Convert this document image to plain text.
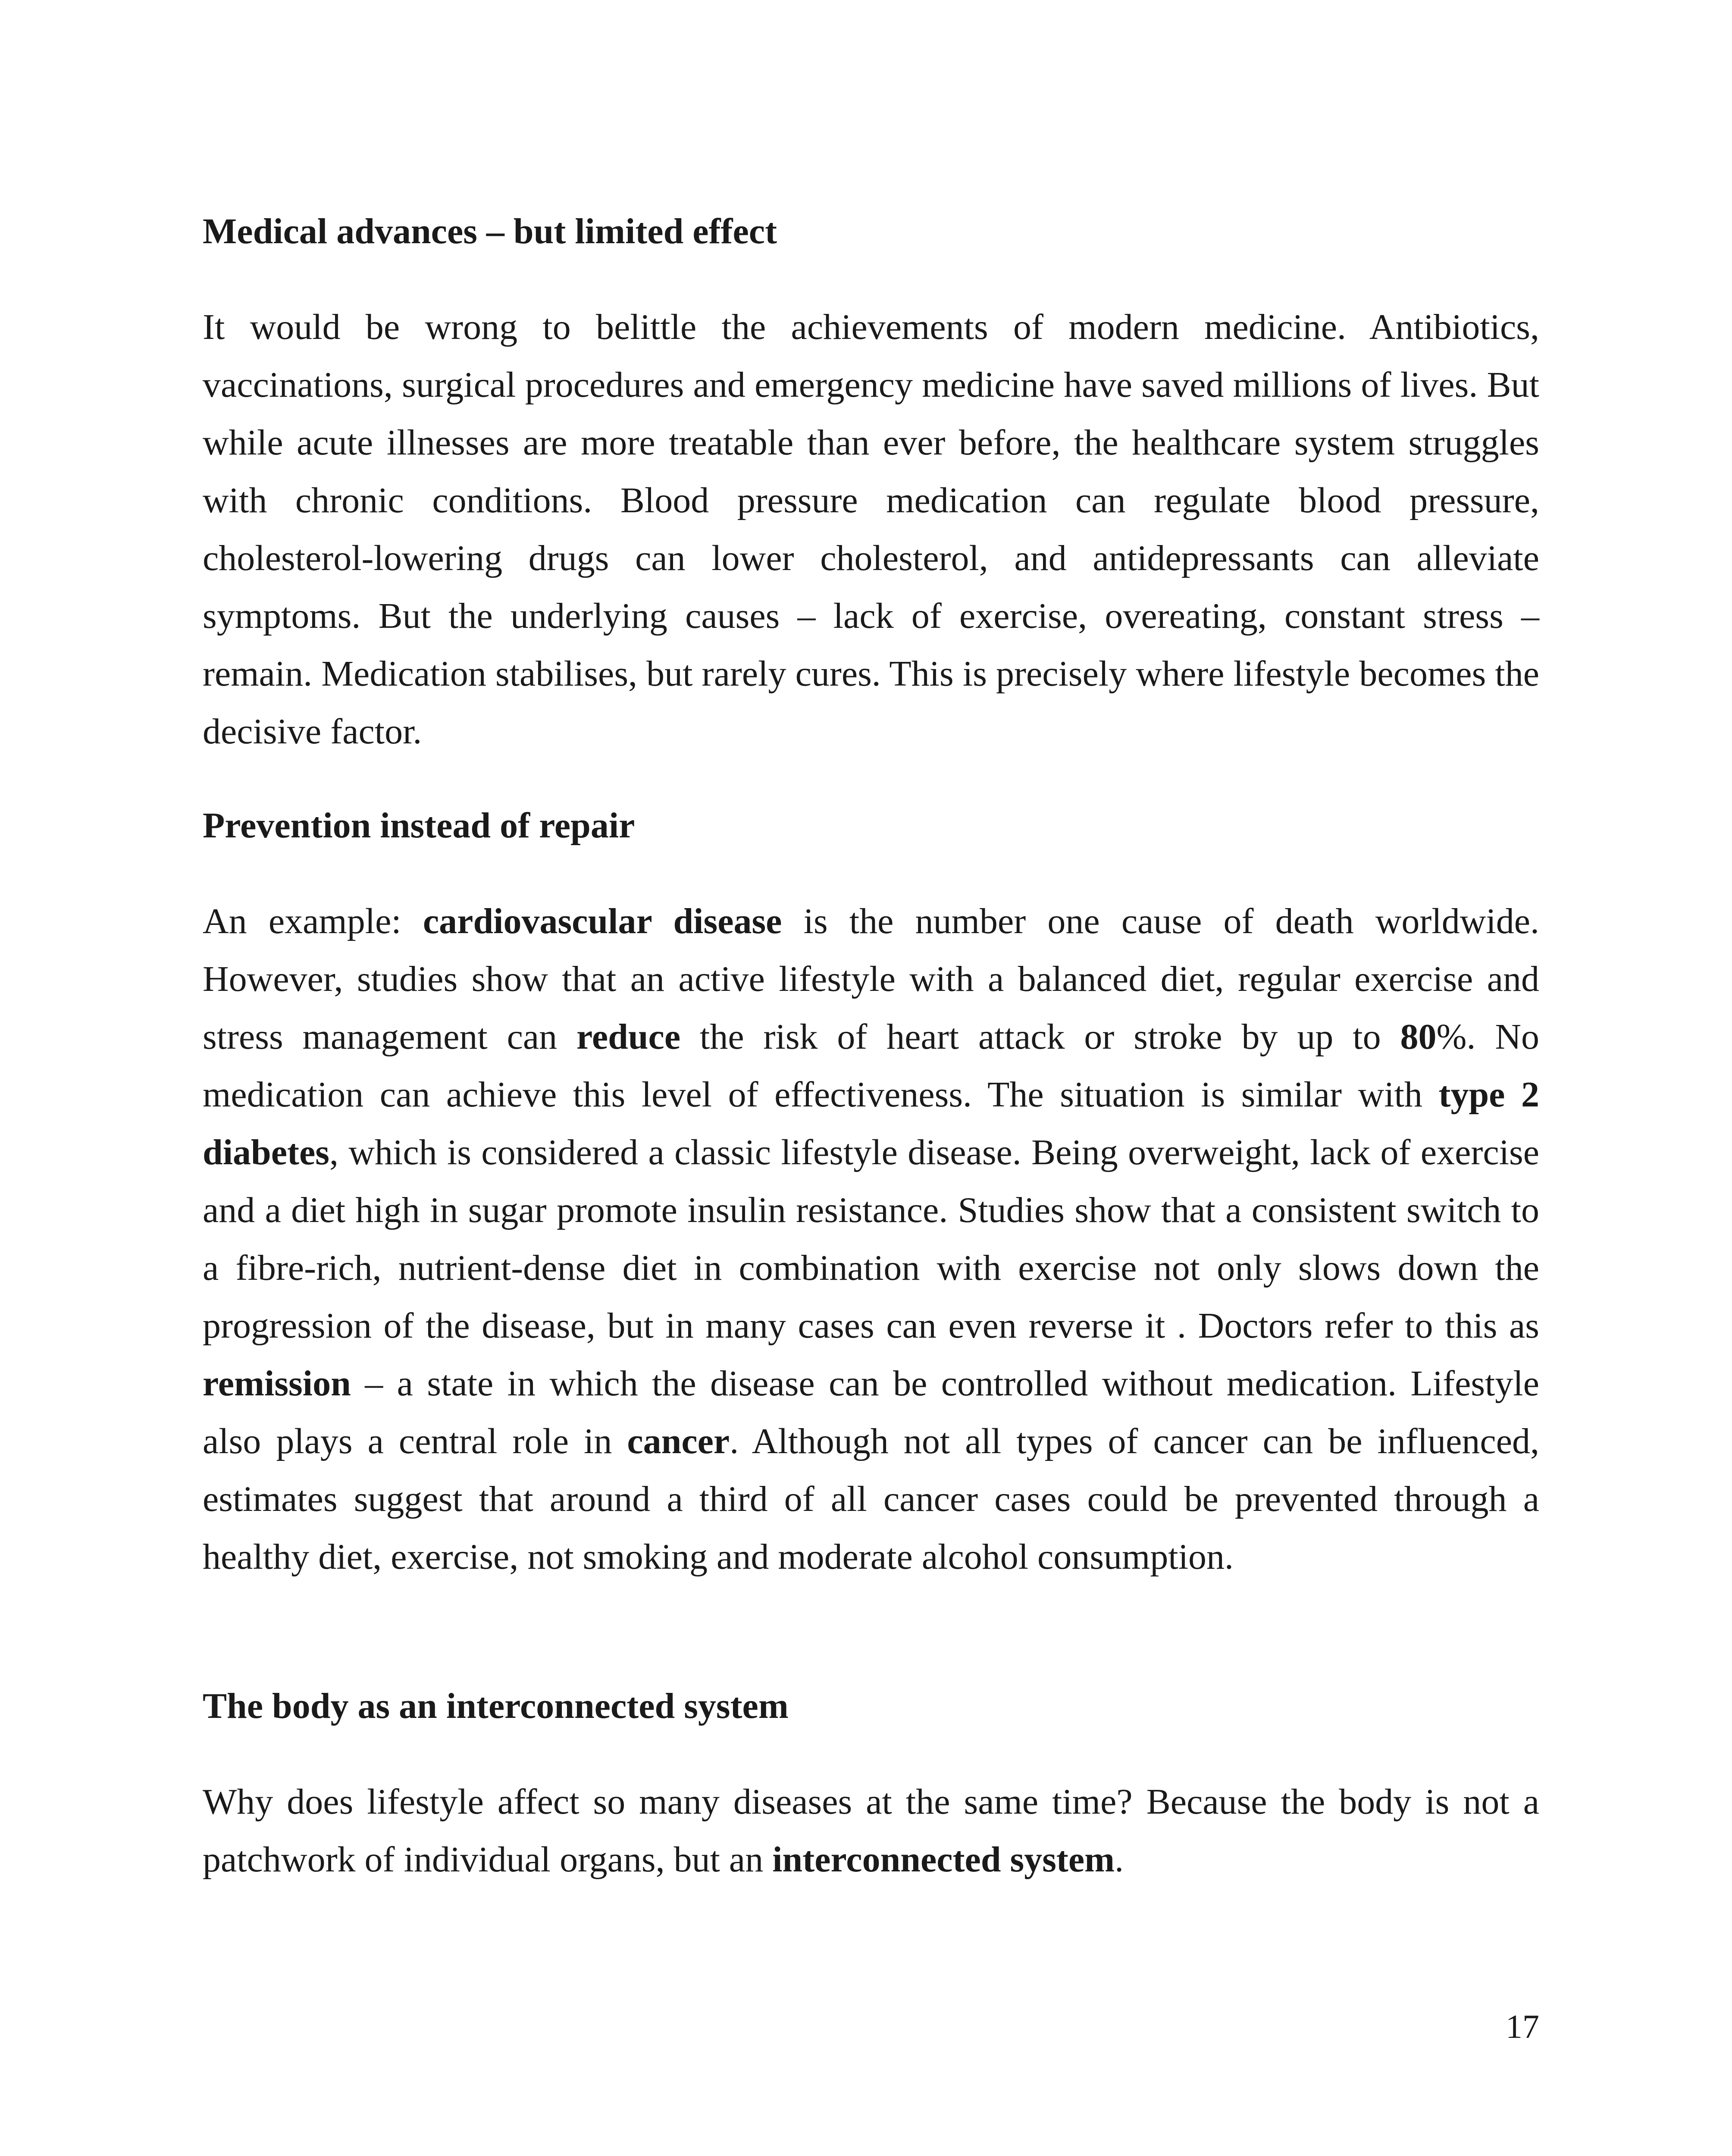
Medical advances – but limited effect

It would be wrong to belittle the achievements of modern medicine. Antibiotics, vaccinations, surgical procedures and emergency medicine have saved millions of lives. But while acute illnesses are more treatable than ever before, the healthcare system struggles with chronic conditions. Blood pressure medication can regulate blood pressure, cholesterol-lowering drugs can lower cholesterol, and antidepressants can alleviate symptoms. But the underlying causes – lack of exercise, overeating, constant stress – remain. Medication stabilises, but rarely cures. This is precisely where lifestyle becomes the decisive factor.

Prevention instead of repair

An example: cardiovascular disease is the number one cause of death worldwide. However, studies show that an active lifestyle with a balanced diet, regular exercise and stress management can reduce the risk of heart attack or stroke by up to 80%. No medication can achieve this level of effectiveness. The situation is similar with type 2 diabetes, which is considered a classic lifestyle disease. Being overweight, lack of exercise and a diet high in sugar promote insulin resistance. Studies show that a consistent switch to a fibre-rich, nutrient-dense diet in combination with exercise not only slows down the progression of the disease, but in many cases can even reverse it . Doctors refer to this as remission – a state in which the disease can be controlled without medication. Lifestyle also plays a central role in cancer. Although not all types of cancer can be influenced, estimates suggest that around a third of all cancer cases could be prevented through a healthy diet, exercise, not smoking and moderate alcohol consumption.

The body as an interconnected system

Why does lifestyle affect so many diseases at the same time? Because the body is not a patchwork of individual organs, but an interconnected system.

17
